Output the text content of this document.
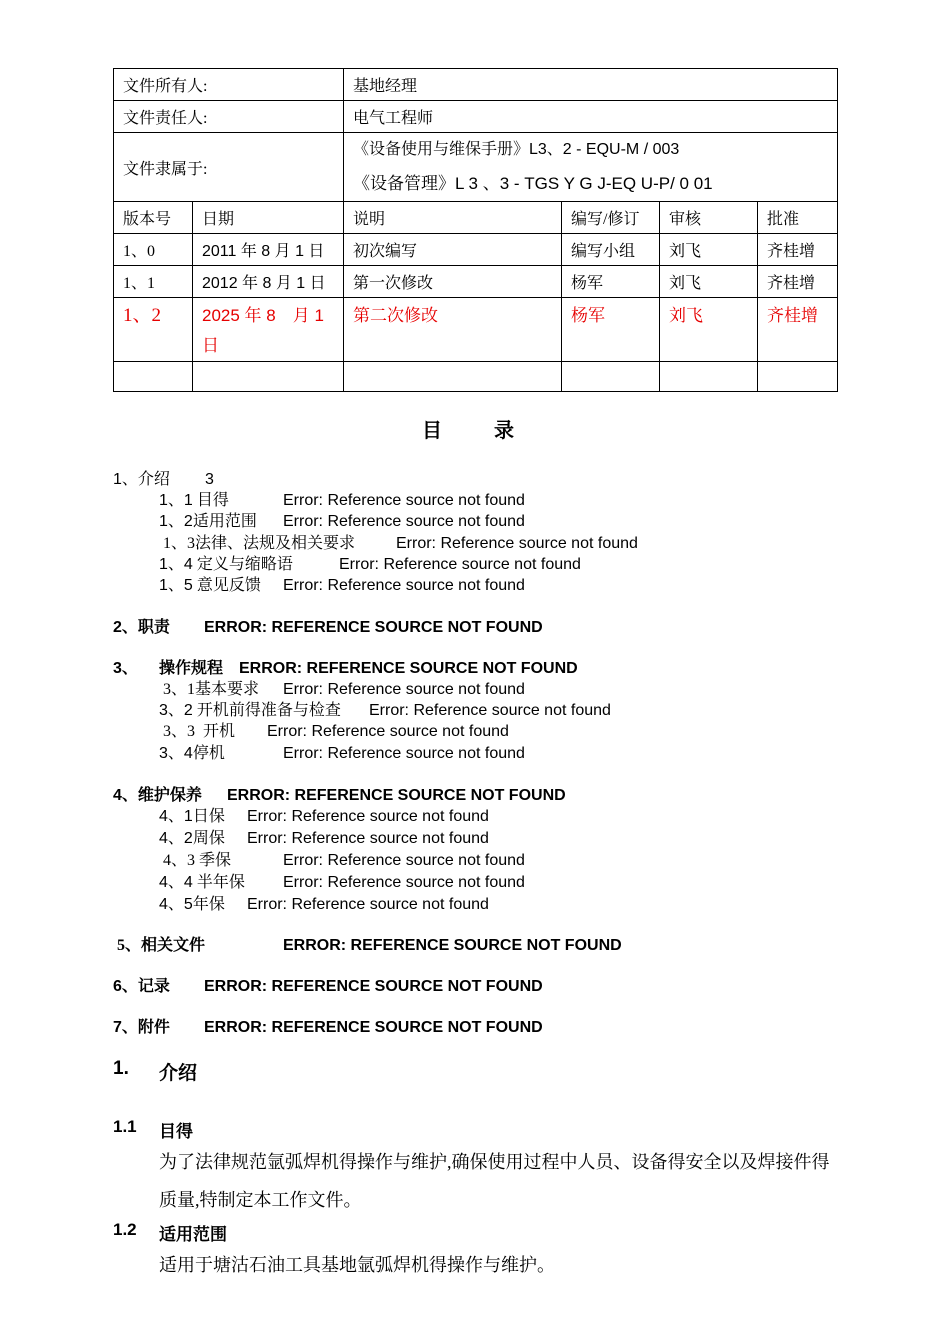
文件所有人:		基地经理			
文件责任人:		电气工程师			
文件隶属于:		《设备使用与维保手册》L3、2 - EQU-M / 003
《设备管理》L 3 、3 - TGS Y G J-EQ U-P/ 0 01			

版本号	日期	说明	编写/修订	审核	批准
1、0	2011 年 8 月 1 日	初次编写	编写小组	刘飞	齐桂增
1、1	2012 年 8 月 1 日	第一次修改	杨军	刘飞	齐桂增
1、2	2025 年 8　月 1 日	第二次修改	杨军	刘飞	齐桂增

目录
1、介绍 3
1、1 目得	Error: Reference source not found
1、2适用范围 Error: Reference source not found
1、3法律、法规及相关要求	Error: Reference source not found
1、4 定义与缩略语	Error: Reference source not found
1、5 意见反馈 Error: Reference source not found
2、职责 ERROR: REFERENCE SOURCE NOT FOUND
3、 操作规程 ERROR: REFERENCE SOURCE NOT FOUND
3、1基本要求 Error: Reference source not found
3、2 开机前得准备与检查 Error: Reference source not found
3、3 开机 Error: Reference source not found
3、4停机	Error: Reference source not found
4、维护保养 ERROR: REFERENCE SOURCE NOT FOUND
4、1日保 Error: Reference source not found
4、2周保 Error: Reference source not found
4、3 季保	Error: Reference source not found
4、4 半年保 Error: Reference source not found
4、5年保 Error: Reference source not found
5、相关文件	ERROR: REFERENCE SOURCE NOT FOUND
6、记录 ERROR: REFERENCE SOURCE NOT FOUND
7、附件 ERROR: REFERENCE SOURCE NOT FOUND
1. 介绍
1.1 目得
为了法律规范氩弧焊机得操作与维护,确保使用过程中人员、设备得安全以及焊接件得质量,特制定本工作文件。
1.2 适用范围
适用于塘沽石油工具基地氩弧焊机得操作与维护。
